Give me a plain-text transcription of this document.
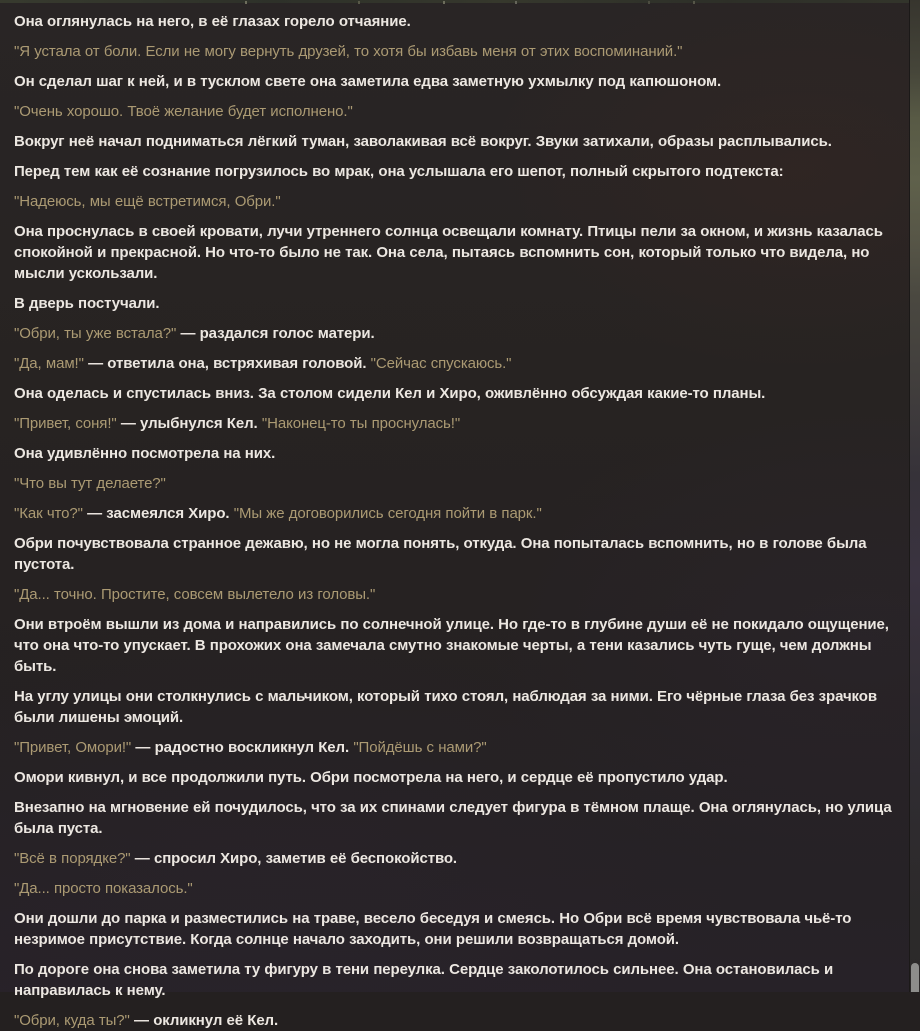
Она оглянулась на него, в её глазах горело отчаяние.

"Я устала от боли. Если не могу вернуть друзей, то хотя бы избавь меня от этих воспоминаний."

Он сделал шаг к ней, и в тусклом свете она заметила едва заметную ухмылку под капюшоном.

"Очень хорошо. Твоё желание будет исполнено."

Вокруг неё начал подниматься лёгкий туман, заволакивая всё вокруг. Звуки затихали, образы расплывались.

Перед тем как её сознание погрузилось во мрак, она услышала его шепот, полный скрытого подтекста:

"Надеюсь, мы ещё встретимся, Обри."

Она проснулась в своей кровати, лучи утреннего солнца освещали комнату. Птицы пели за окном, и жизнь казалась спокойной и прекрасной. Но что-то было не так. Она села, пытаясь вспомнить сон, который только что видела, но мысли ускользали.

В дверь постучали.

"Обри, ты уже встала?" — раздался голос матери.

"Да, мам!" — ответила она, встряхивая головой. "Сейчас спускаюсь."

Она оделась и спустилась вниз. За столом сидели Кел и Хиро, оживлённо обсуждая какие-то планы.

"Привет, соня!" — улыбнулся Кел. "Наконец-то ты проснулась!"

Она удивлённо посмотрела на них.

"Что вы тут делаете?"

"Как что?" — засмеялся Хиро. "Мы же договорились сегодня пойти в парк."

Обри почувствовала странное дежавю, но не могла понять, откуда. Она попыталась вспомнить, но в голове была пустота.

"Да... точно. Простите, совсем вылетело из головы."

Они втроём вышли из дома и направились по солнечной улице. Но где-то в глубине души её не покидало ощущение, что она что-то упускает. В прохожих она замечала смутно знакомые черты, а тени казались чуть гуще, чем должны быть.

На углу улицы они столкнулись с мальчиком, который тихо стоял, наблюдая за ними. Его чёрные глаза без зрачков были лишены эмоций.

"Привет, Омори!" — радостно воскликнул Кел. "Пойдёшь с нами?"

Омори кивнул, и все продолжили путь. Обри посмотрела на него, и сердце её пропустило удар.

Внезапно на мгновение ей почудилось, что за их спинами следует фигура в тёмном плаще. Она оглянулась, но улица была пуста.

"Всё в порядке?" — спросил Хиро, заметив её беспокойство.

"Да... просто показалось."

Они дошли до парка и разместились на траве, весело беседуя и смеясь. Но Обри всё время чувствовала чьё-то незримое присутствие. Когда солнце начало заходить, они решили возвращаться домой.

По дороге она снова заметила ту фигуру в тени переулка. Сердце заколотилось сильнее. Она остановилась и направилась к нему.

"Обри, куда ты?" — окликнул её Кел.
